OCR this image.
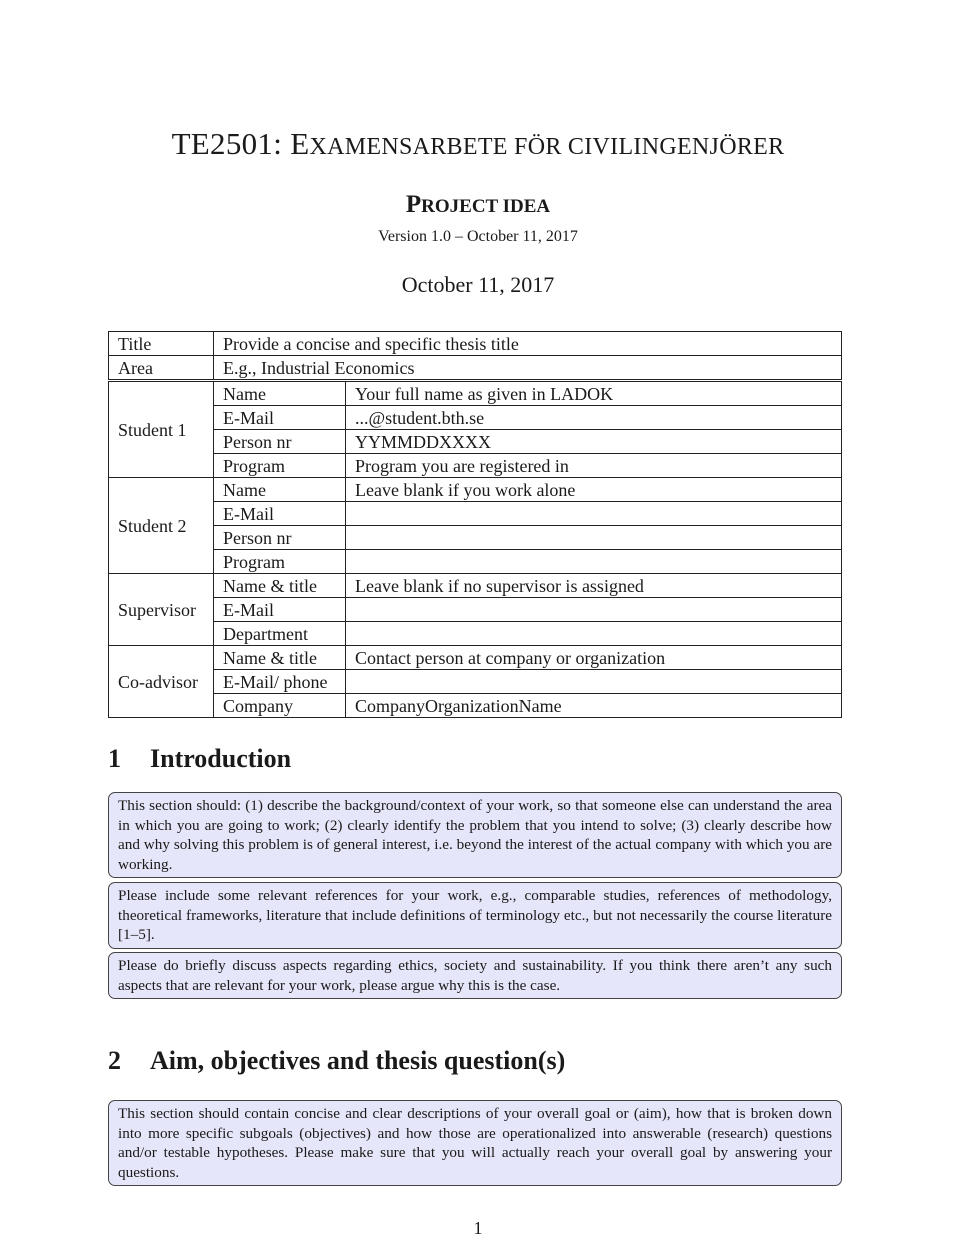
TE2501: EXAMENSARBETE FÖR CIVILINGENJÖRER
PROJECT IDEA
Version 1.0 – October 11, 2017
October 11, 2017
Title	Provide a concise and specific thesis title	
Area	E.g., Industrial Economics	
Student 1	Name	Your full name as given in LADOK
	E-Mail	...@student.bth.se
	Person nr	YYMMDDXXXX
	Program	Program you are registered in
Student 2	Name	Leave blank if you work alone
	E-Mail	
	Person nr	
	Program	
Supervisor	Name & title	Leave blank if no supervisor is assigned
	E-Mail	
	Department	
Co-advisor	Name & title	Contact person at company or organization
	E-Mail/ phone	
	Company	CompanyOrganizationName
1 Introduction
This section should: (1) describe the background/context of your work, so that someone else can understand the area in which you are going to work; (2) clearly identify the problem that you intend to solve; (3) clearly describe how and why solving this problem is of general interest, i.e. beyond the interest of the actual company with which you are working.
Please include some relevant references for your work, e.g., comparable studies, references of methodology, theoretical frameworks, literature that include definitions of terminology etc., but not necessarily the course literature [1–5].
Please do briefly discuss aspects regarding ethics, society and sustainability. If you think there aren’t any such aspects that are relevant for your work, please argue why this is the case.
2 Aim, objectives and thesis question(s)
This section should contain concise and clear descriptions of your overall goal or (aim), how that is broken down into more specific subgoals (objectives) and how those are operationalized into answerable (research) questions and/or testable hypotheses. Please make sure that you will actually reach your overall goal by answering your questions.
1
